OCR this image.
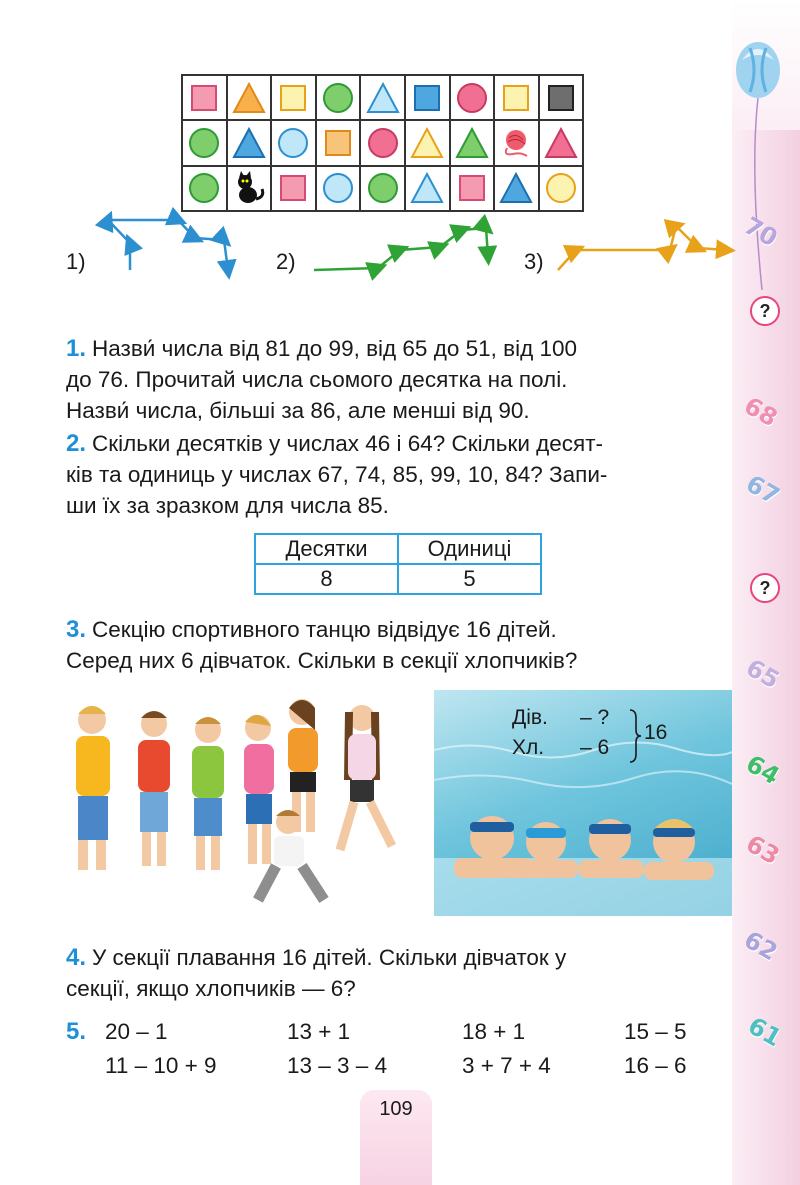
70
?
68
67
?
65
64
63
62
61
1)	2)	3)
1. Назви́ числа від 81 до 99, від 65 до 51, від 100
до 76. Прочитай числа сьомого десятка на полі.
Назви́ числа, більші за 86, але менші від 90.
2. Скільки десятків у числах 46 і 64? Скільки десят-
ків та одиниць у числах 67, 74, 85, 99, 10, 84? Запи-
ши їх за зразком для числа 85.
Десятки	Одиниці
8	5
3. Секцію спортивного танцю відвідує 16 дітей.
Серед них 6 дівчаток. Скільки в секції хлопчиків?
Дів. – ?
Хл. – 6
16
4. У секції плавання 16 дітей. Скільки дівчаток у
секції, якщо хлопчиків — 6?
5. 20 – 1	13 + 1	18 + 1	15 – 5
11 – 10 + 9	13 – 3 – 4	3 + 7 + 4	16 – 6
109
